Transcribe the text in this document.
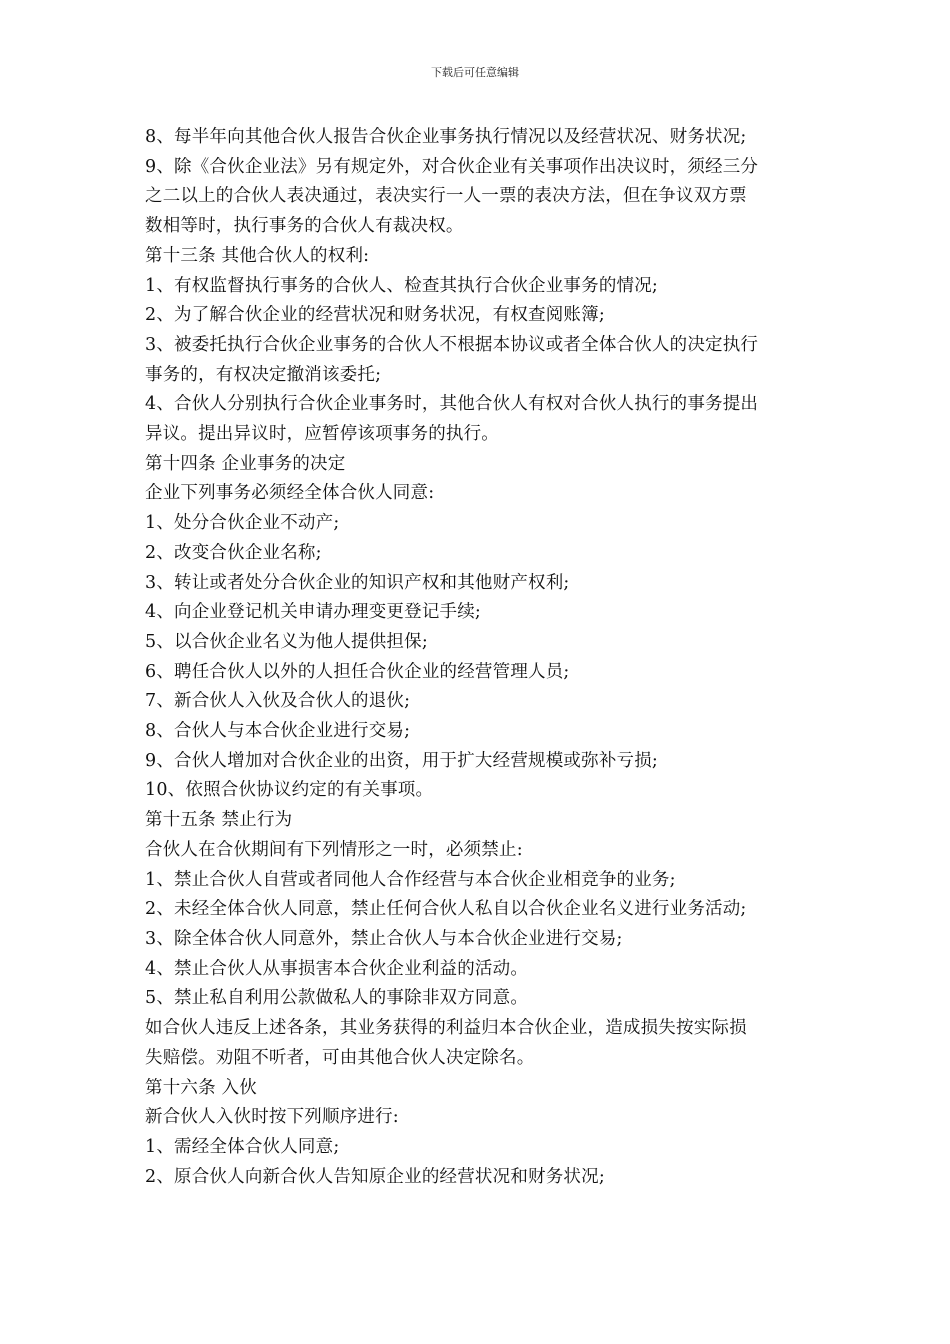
下载后可任意编辑
8、每半年向其他合伙人报告合伙企业事务执行情况以及经营状况、财务状况;
9、除《合伙企业法》另有规定外，对合伙企业有关事项作出决议时，须经三分
之二以上的合伙人表决通过，表决实行一人一票的表决方法，但在争议双方票
数相等时，执行事务的合伙人有裁决权。
第十三条 其他合伙人的权利:
1、有权监督执行事务的合伙人、检查其执行合伙企业事务的情况;
2、为了解合伙企业的经营状况和财务状况，有权查阅账簿;
3、被委托执行合伙企业事务的合伙人不根据本协议或者全体合伙人的决定执行
事务的，有权决定撤消该委托;
4、合伙人分别执行合伙企业事务时，其他合伙人有权对合伙人执行的事务提出
异议。提出异议时，应暂停该项事务的执行。
第十四条 企业事务的决定
企业下列事务必须经全体合伙人同意:
1、处分合伙企业不动产;
2、改变合伙企业名称;
3、转让或者处分合伙企业的知识产权和其他财产权利;
4、向企业登记机关申请办理变更登记手续;
5、以合伙企业名义为他人提供担保;
6、聘任合伙人以外的人担任合伙企业的经营管理人员;
7、新合伙人入伙及合伙人的退伙;
8、合伙人与本合伙企业进行交易;
9、合伙人增加对合伙企业的出资，用于扩大经营规模或弥补亏损;
10、依照合伙协议约定的有关事项。
第十五条 禁止行为
合伙人在合伙期间有下列情形之一时，必须禁止:
1、禁止合伙人自营或者同他人合作经营与本合伙企业相竞争的业务;
2、未经全体合伙人同意，禁止任何合伙人私自以合伙企业名义进行业务活动;
3、除全体合伙人同意外，禁止合伙人与本合伙企业进行交易;
4、禁止合伙人从事损害本合伙企业利益的活动。
5、禁止私自利用公款做私人的事除非双方同意。
如合伙人违反上述各条，其业务获得的利益归本合伙企业，造成损失按实际损
失赔偿。劝阻不听者，可由其他合伙人决定除名。
第十六条 入伙
新合伙人入伙时按下列顺序进行:
1、需经全体合伙人同意;
2、原合伙人向新合伙人告知原企业的经营状况和财务状况;
